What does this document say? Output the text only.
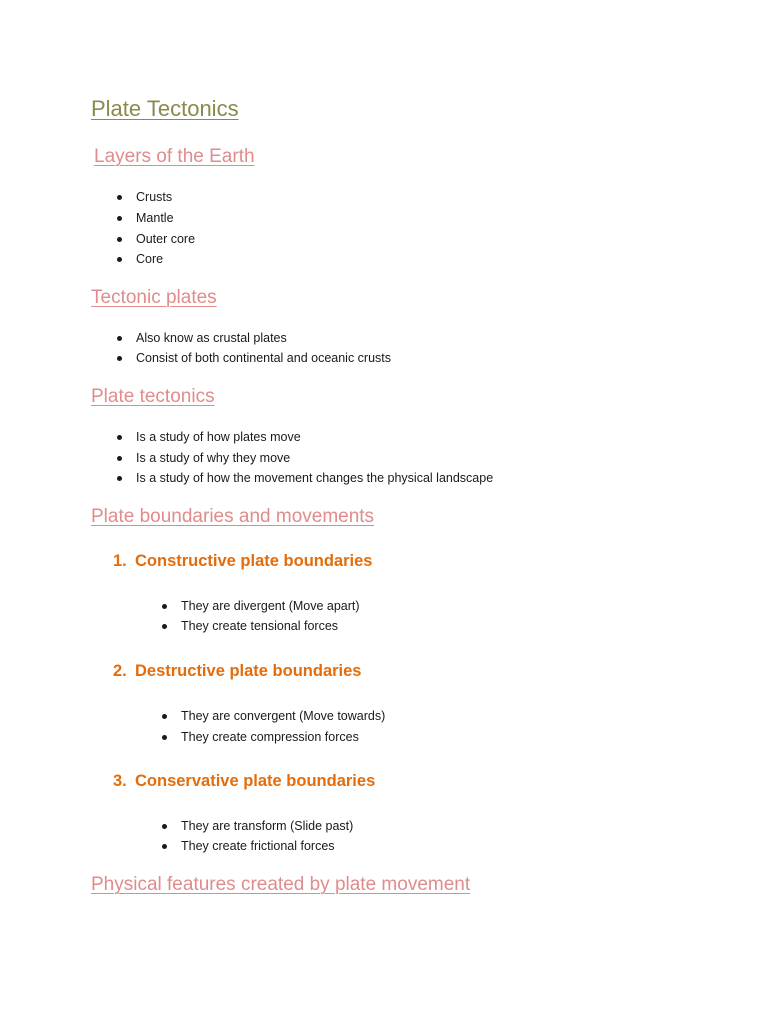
Plate Tectonics
Layers of the Earth
Crusts
Mantle
Outer core
Core
Tectonic plates
Also know as crustal plates
Consist of both continental and oceanic crusts
Plate tectonics
Is a study of how plates move
Is a study of why they move
Is a study of how the movement changes the physical landscape
Plate boundaries and movements
1. Constructive plate boundaries
They are divergent (Move apart)
They create tensional forces
2. Destructive plate boundaries
They are convergent (Move towards)
They create compression forces
3. Conservative plate boundaries
They are transform (Slide past)
They create frictional forces
Physical features created by plate movement
